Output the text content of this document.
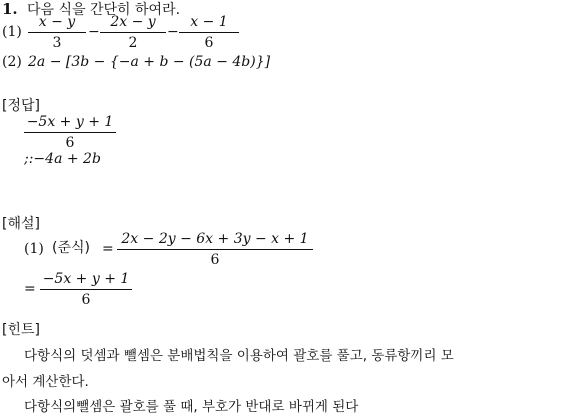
1. 다음 식을 간단히 하여라.
(1)
x − y
3
−
2x − y
2
−
x − 1
6
(2) 2a − [3b − {−a + b − (5a − 4b)}]
[정답]
−5x + y + 1
6
;:−4a + 2b
[해설]
(1) (준식) =
2x − 2y − 6x + 3y − x + 1
6
=
−5x + y + 1
6
[힌트]
다항식의 덧셈과 뺄셈은 분배법칙을 이용하여 괄호를 풀고, 동류항끼리 모
아서 계산한다.
다항식의뺄셈은 괄호를 풀 때, 부호가 반대로 바뀌게 된다
